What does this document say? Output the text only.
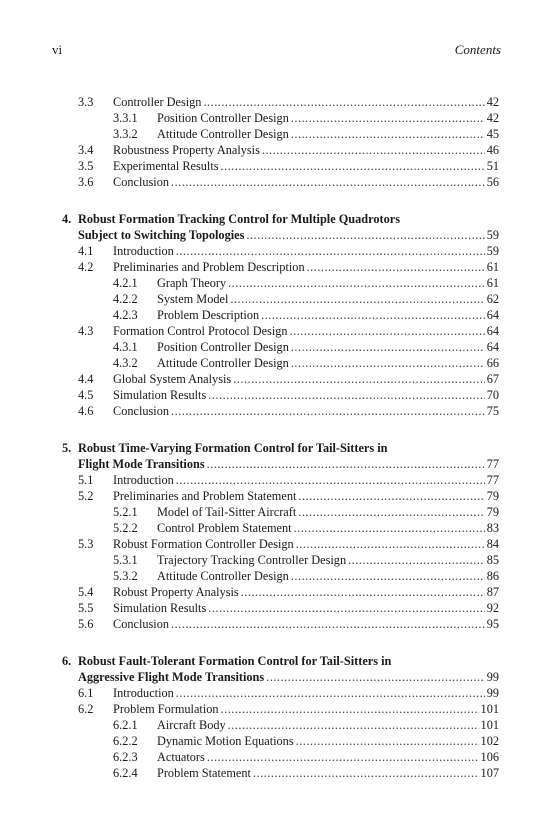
vi	Contents
3.3 Controller Design .....	42
3.3.1 Position Controller Design .....	42
3.3.2 Attitude Controller Design .....	45
3.4 Robustness Property Analysis .....	46
3.5 Experimental Results .....	51
3.6 Conclusion .....	56
4. Robust Formation Tracking Control for Multiple Quadrotors
Subject to Switching Topologies .....	59
4.1 Introduction .....	59
4.2 Preliminaries and Problem Description .....	61
4.2.1 Graph Theory .....	61
4.2.2 System Model .....	62
4.2.3 Problem Description .....	64
4.3 Formation Control Protocol Design .....	64
4.3.1 Position Controller Design .....	64
4.3.2 Attitude Controller Design .....	66
4.4 Global System Analysis .....	67
4.5 Simulation Results .....	70
4.6 Conclusion .....	75
5. Robust Time-Varying Formation Control for Tail-Sitters in
Flight Mode Transitions .....	77
5.1 Introduction .....	77
5.2 Preliminaries and Problem Statement .....	79
5.2.1 Model of Tail-Sitter Aircraft .....	79
5.2.2 Control Problem Statement .....	83
5.3 Robust Formation Controller Design .....	84
5.3.1 Trajectory Tracking Controller Design .....	85
5.3.2 Attitude Controller Design .....	86
5.4 Robust Property Analysis .....	87
5.5 Simulation Results .....	92
5.6 Conclusion .....	95
6. Robust Fault-Tolerant Formation Control for Tail-Sitters in
Aggressive Flight Mode Transitions .....	99
6.1 Introduction .....	99
6.2 Problem Formulation .....	101
6.2.1 Aircraft Body .....	101
6.2.2 Dynamic Motion Equations .....	102
6.2.3 Actuators .....	106
6.2.4 Problem Statement .....	107
